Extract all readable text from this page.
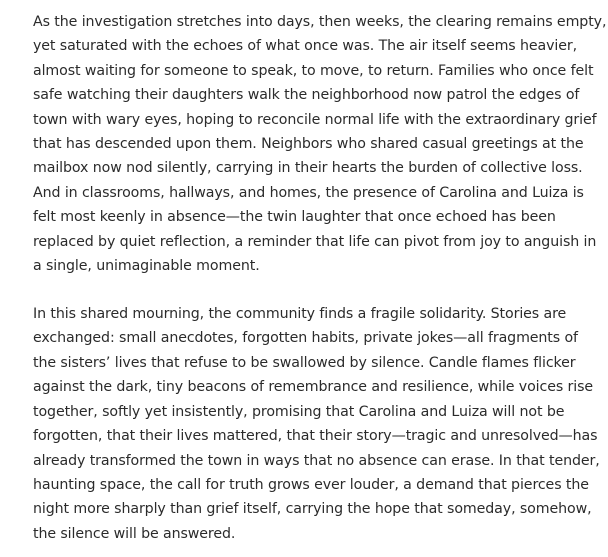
As the investigation stretches into days, then weeks, the clearing remains empty,
yet saturated with the echoes of what once was. The air itself seems heavier,
almost waiting for someone to speak, to move, to return. Families who once felt
safe watching their daughters walk the neighborhood now patrol the edges of
town with wary eyes, hoping to reconcile normal life with the extraordinary grief
that has descended upon them. Neighbors who shared casual greetings at the
mailbox now nod silently, carrying in their hearts the burden of collective loss.
And in classrooms, hallways, and homes, the presence of Carolina and Luiza is
felt most keenly in absence—the twin laughter that once echoed has been
replaced by quiet reflection, a reminder that life can pivot from joy to anguish in
a single, unimaginable moment.

In this shared mourning, the community finds a fragile solidarity. Stories are
exchanged: small anecdotes, forgotten habits, private jokes—all fragments of
the sisters’ lives that refuse to be swallowed by silence. Candle flames flicker
against the dark, tiny beacons of remembrance and resilience, while voices rise
together, softly yet insistently, promising that Carolina and Luiza will not be
forgotten, that their lives mattered, that their story—tragic and unresolved—has
already transformed the town in ways that no absence can erase. In that tender,
haunting space, the call for truth grows ever louder, a demand that pierces the
night more sharply than grief itself, carrying the hope that someday, somehow,
the silence will be answered.
